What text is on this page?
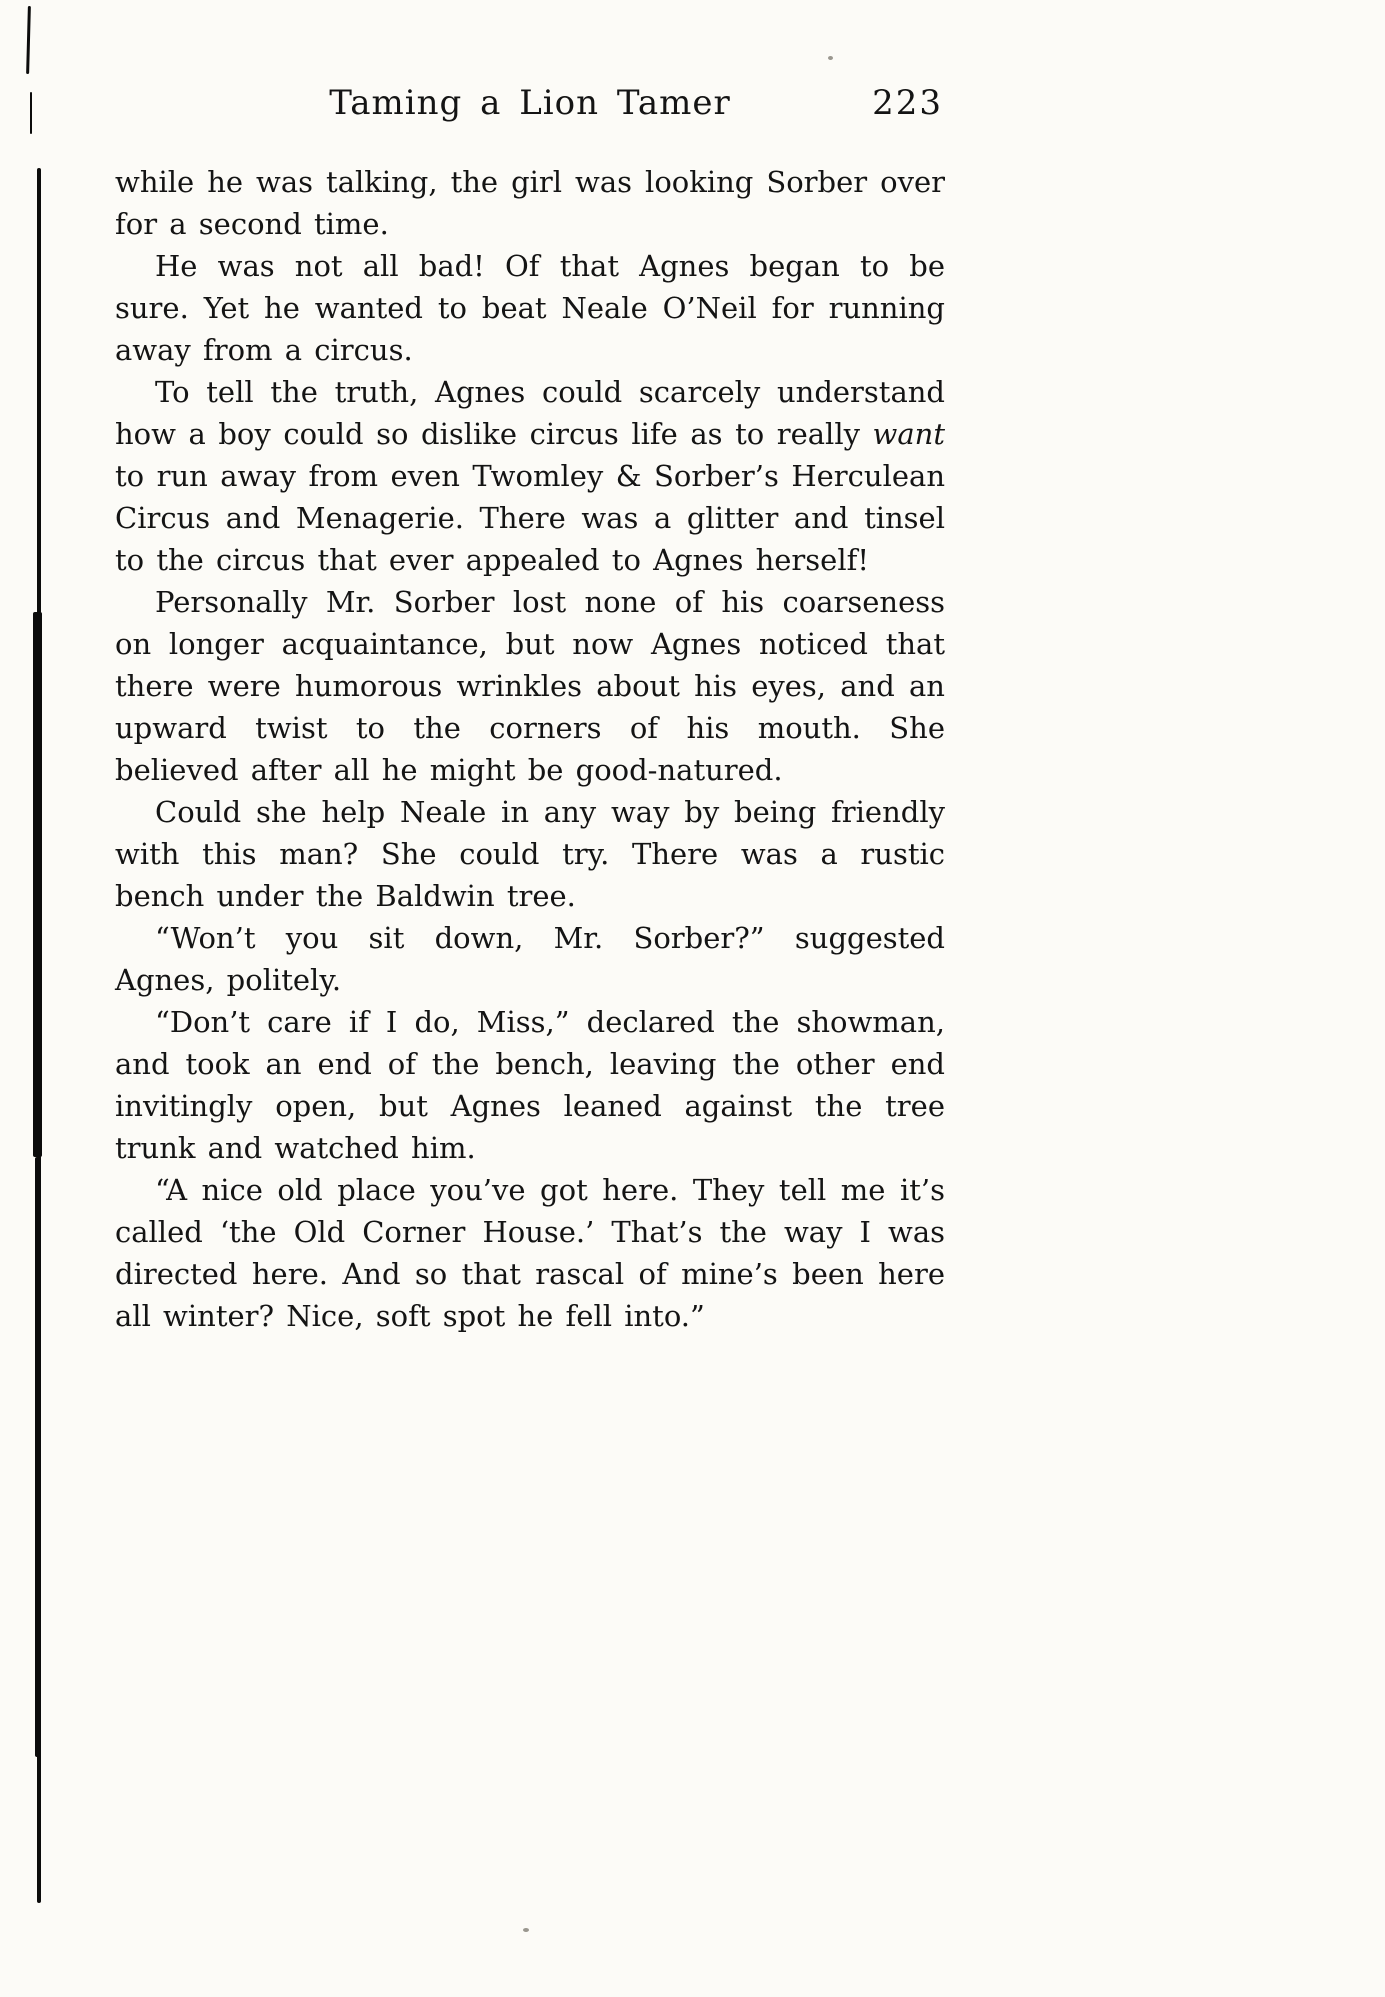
Taming a Lion Tamer	223

while he was talking, the girl was looking Sorber over for a second time.

He was not all bad! Of that Agnes began to be sure. Yet he wanted to beat Neale O’Neil for running away from a circus.

To tell the truth, Agnes could scarcely understand how a boy could so dislike circus life as to really want to run away from even Twomley & Sorber’s Herculean Circus and Menagerie. There was a glitter and tinsel to the circus that ever appealed to Agnes herself!

Personally Mr. Sorber lost none of his coarseness on longer acquaintance, but now Agnes noticed that there were humorous wrinkles about his eyes, and an upward twist to the corners of his mouth. She believed after all he might be good-natured.

Could she help Neale in any way by being friendly with this man? She could try. There was a rustic bench under the Baldwin tree.

“Won’t you sit down, Mr. Sorber?” suggested Agnes, politely.

“Don’t care if I do, Miss,” declared the showman, and took an end of the bench, leaving the other end invitingly open, but Agnes leaned against the tree trunk and watched him.

“A nice old place you’ve got here. They tell me it’s called ‘the Old Corner House.’ That’s the way I was directed here. And so that rascal of mine’s been here all winter? Nice, soft spot he fell into.”
